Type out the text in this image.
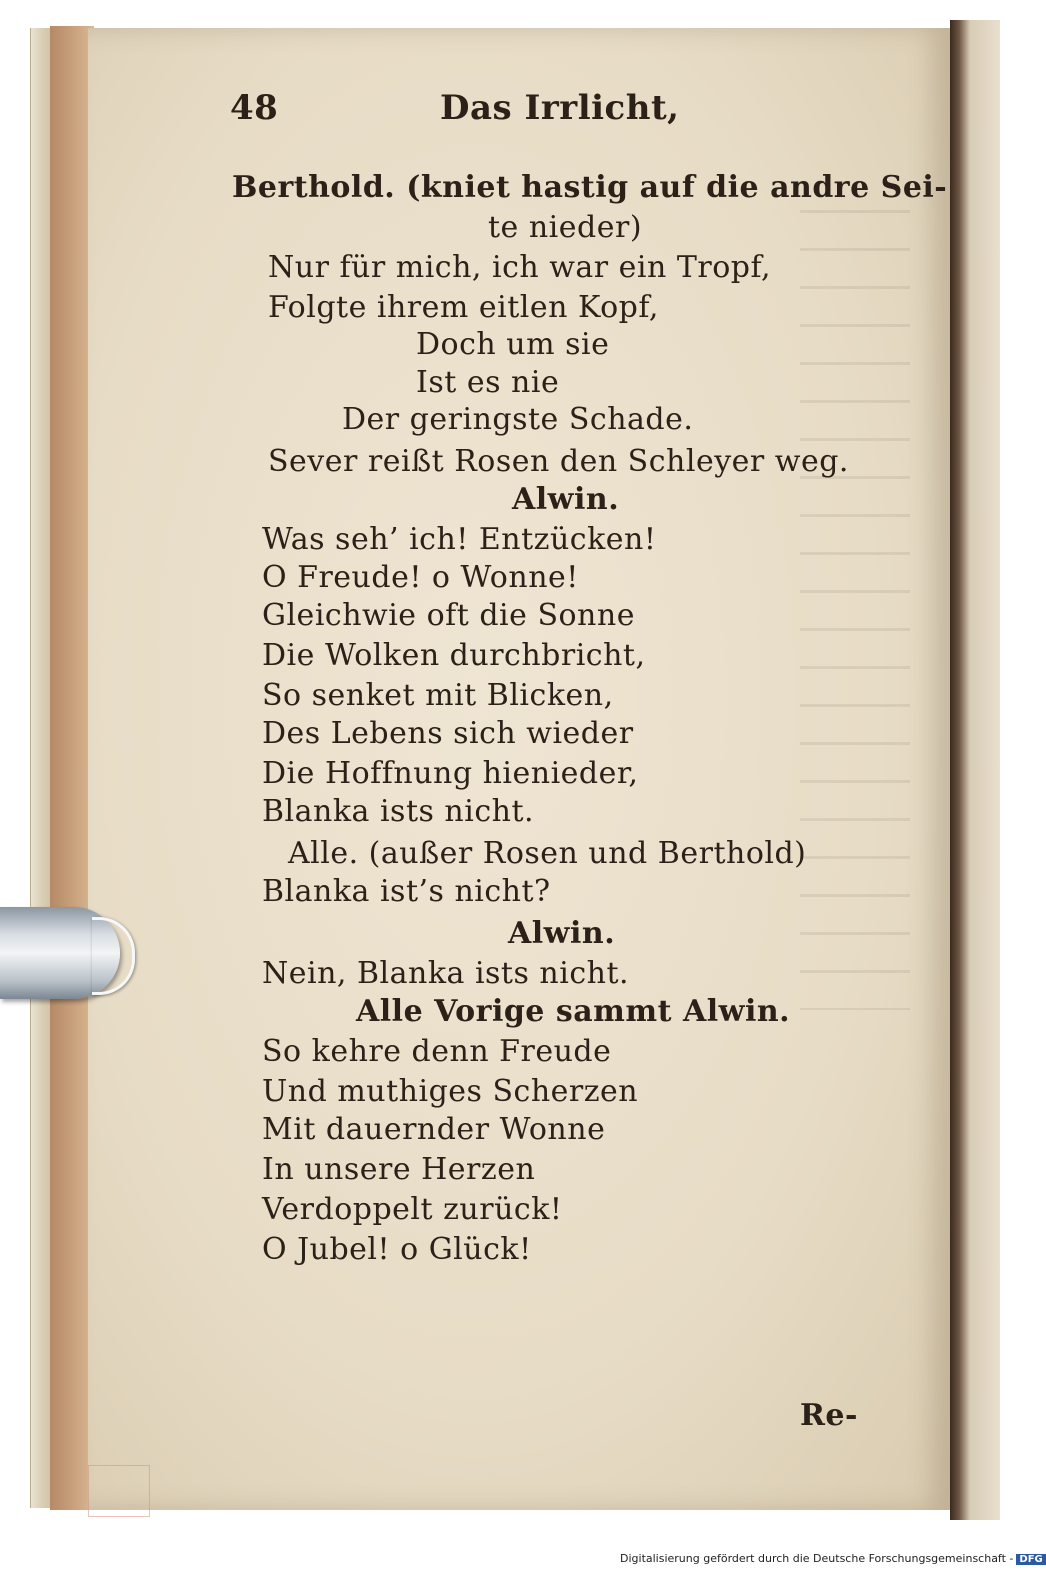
48	Das Irrlicht,
Berthold. (kniet hastig auf die andre Sei-
te nieder)
Nur für mich, ich war ein Tropf,
Folgte ihrem eitlen Kopf,
Doch um sie
Ist es nie
Der geringste Schade.
Sever reißt Rosen den Schleyer weg.
Alwin.
Was seh’ ich! Entzücken!
O Freude! o Wonne!
Gleichwie oft die Sonne
Die Wolken durchbricht,
So senket mit Blicken,
Des Lebens sich wieder
Die Hoffnung hienieder,
Blanka ists nicht.
Alle. (außer Rosen und Berthold)
Blanka ist’s nicht?
Alwin.
Nein, Blanka ists nicht.
Alle Vorige sammt Alwin.
So kehre denn Freude
Und muthiges Scherzen
Mit dauernder Wonne
In unsere Herzen
Verdoppelt zurück!
O Jubel! o Glück!
Re-
Digitalisierung gefördert durch die Deutsche Forschungsgemeinschaft - DFG
